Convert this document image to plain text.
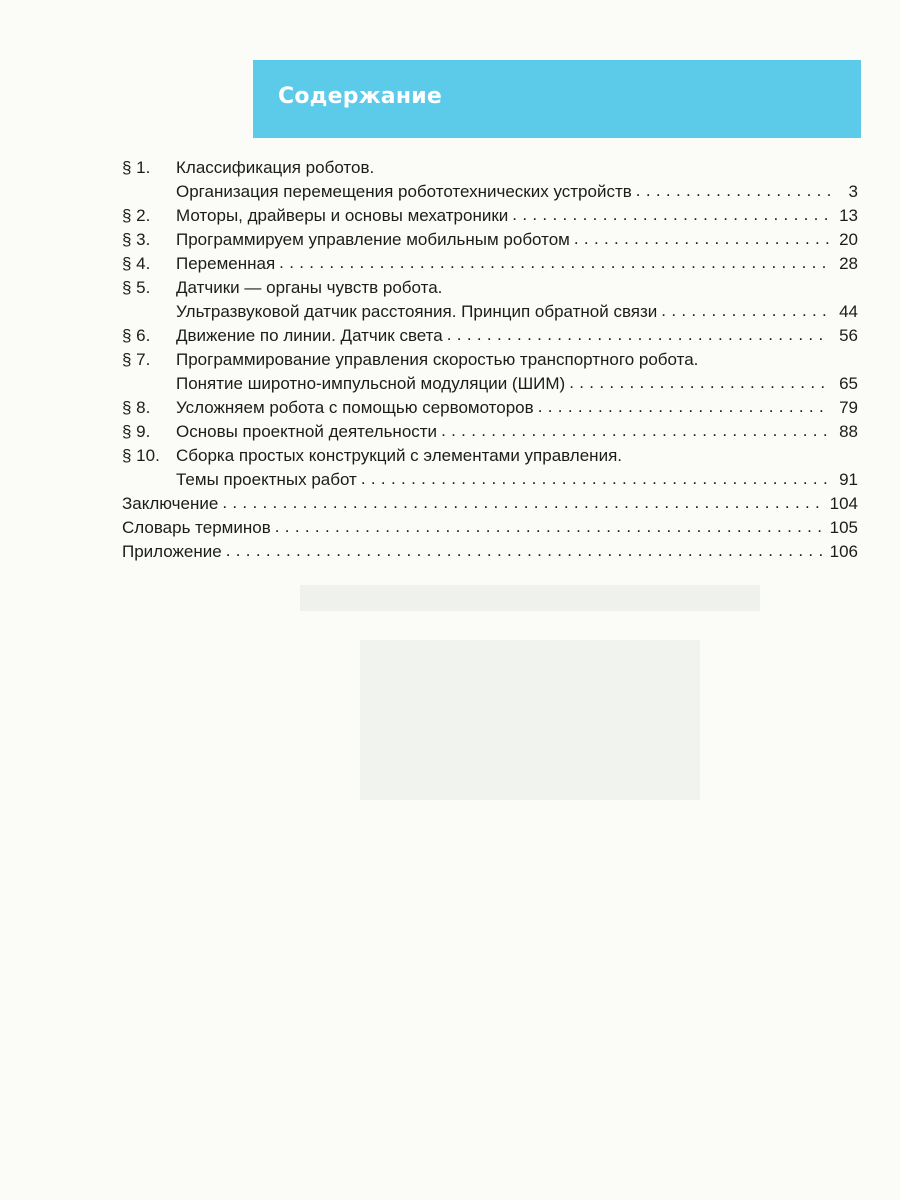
Содержание
§ 1.	Классификация роботов.
Организация перемещения робототехнических устройств . . .	3
§ 2.	Моторы, драйверы и основы мехатроники . . .	13
§ 3.	Программируем управление мобильным роботом . . .	20
§ 4.	Переменная . . .	28
§ 5.	Датчики — органы чувств робота.
Ультразвуковой датчик расстояния. Принцип обратной связи . . .	44
§ 6.	Движение по линии. Датчик света . . .	56
§ 7.	Программирование управления скоростью транспортного робота.
Понятие широтно-импульсной модуляции (ШИМ) . . .	65
§ 8.	Усложняем робота с помощью сервомоторов . . .	79
§ 9.	Основы проектной деятельности . . .	88
§ 10. Сборка простых конструкций с элементами управления.
Темы проектных работ . . .	91
Заключение . . .	104
Словарь терминов . . .	105
Приложение . . .	106
